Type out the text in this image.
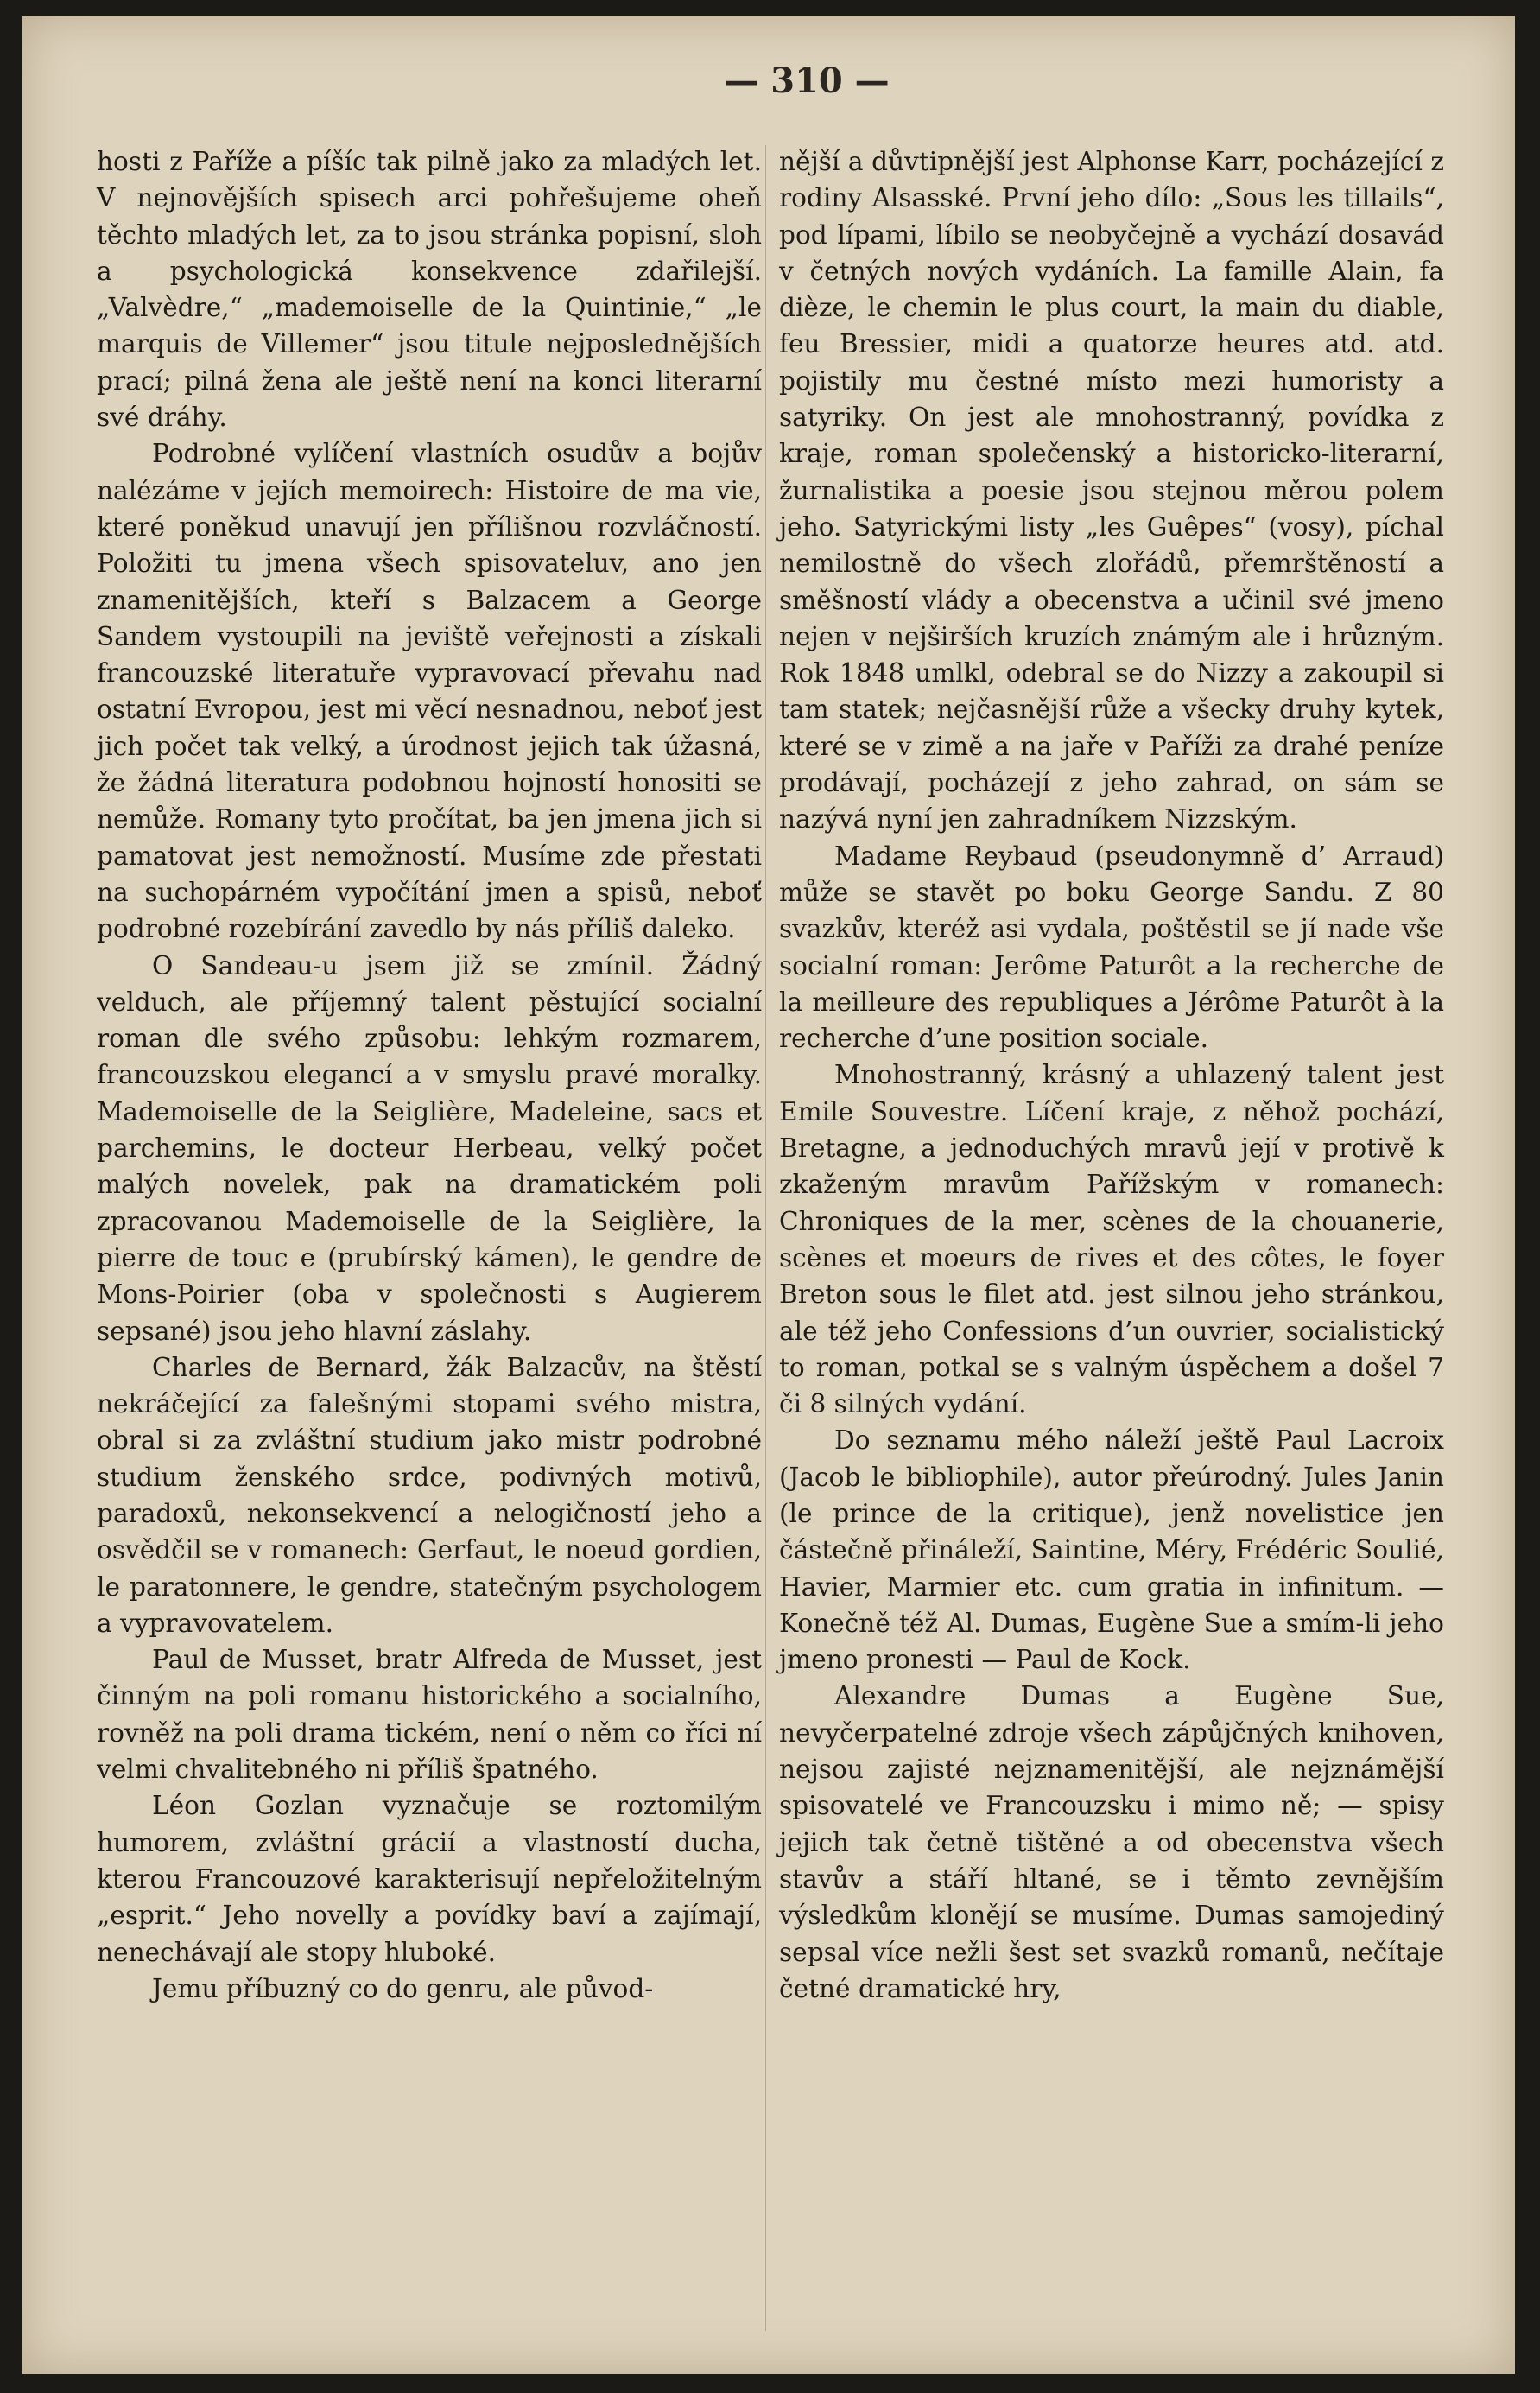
— 310 —

hosti z Paříže a píšíc tak pilně jako za mladých let. V nejnovějších spisech arci pohřešujeme oheň těchto mladých let, za to jsou stránka popisní, sloh a psychologická konsekvence zdařilejší. „Valvèdre,“ „mademoiselle de la Quintinie,“ „le marquis de Villemer“ jsou titule nejposlednějších prací; pilná žena ale ještě není na konci literarní své dráhy.

Podrobné vylíčení vlastních osudův a bojův nalézáme v jejích memoirech: Histoire de ma vie, které poněkud unavují jen přílišnou rozvláčností. Položiti tu jmena všech spisovateluv, ano jen znamenitějších, kteří s Balzacem a George Sandem vystoupili na jeviště veřejnosti a získali francouzské literatuře vypravovací převahu nad ostatní Evropou, jest mi věcí nesnadnou, neboť jest jich počet tak velký, a úrodnost jejich tak úžasná, že žádná literatura podobnou hojností honositi se nemůže. Romany tyto pročítat, ba jen jmena jich si pamatovat jest nemožností. Musíme zde přestati na suchopárném vypočítání jmen a spisů, neboť podrobné rozebírání zavedlo by nás příliš daleko.

O Sandeau-u jsem již se zmínil. Žádný velduch, ale příjemný talent pěstující socialní roman dle svého způsobu: lehkým rozmarem, francouzskou elegancí a v smyslu pravé moralky. Mademoiselle de la Seiglière, Madeleine, sacs et parchemins, le docteur Herbeau, velký počet malých novelek, pak na dramatickém poli zpracovanou Mademoiselle de la Seiglière, la pierre de touc e (prubírský kámen), le gendre de Mons-Poirier (oba v společnosti s Augierem sepsané) jsou jeho hlavní záslahy.

Charles de Bernard, žák Balzacův, na štěstí nekráčející za falešnými stopami svého mistra, obral si za zvláštní studium jako mistr podrobné studium ženského srdce, podivných motivů, paradoxů, nekonsekvencí a nelogičností jeho a osvědčil se v romanech: Gerfaut, le noeud gordien, le paratonnere, le gendre, statečným psychologem a vypravovatelem.

Paul de Musset, bratr Alfreda de Musset, jest činným na poli romanu historického a socialního, rovněž na poli drama tickém, není o něm co říci ní velmi chvalitebného ni příliš špatného.

Léon Gozlan vyznačuje se roztomilým humorem, zvláštní grácií a vlastností ducha, kterou Francouzové karakterisují nepřeložitelným „esprit.“ Jeho novelly a povídky baví a zajímají, nenechávají ale stopy hluboké.

Jemu příbuzný co do genru, ale původ-

nější a důvtipnější jest Alphonse Karr, pocházející z rodiny Alsasské. První jeho dílo: „Sous les tillails“, pod lípami, líbilo se neobyčejně a vychází dosavád v četných nových vydáních. La famille Alain, fa dièze, le chemin le plus court, la main du diable, feu Bressier, midi a quatorze heures atd. atd. pojistily mu čestné místo mezi humoristy a satyriky. On jest ale mnohostranný, povídka z kraje, roman společenský a historicko-literarní, žurnalistika a poesie jsou stejnou měrou polem jeho. Satyrickými listy „les Guêpes“ (vosy), píchal nemilostně do všech zlořádů, přemrštěností a směšností vlády a obecenstva a učinil své jmeno nejen v nejširších kruzích známým ale i hrůzným. Rok 1848 umlkl, odebral se do Nizzy a zakoupil si tam statek; nejčasnější růže a všecky druhy kytek, které se v zimě a na jaře v Paříži za drahé peníze prodávají, pocházejí z jeho zahrad, on sám se nazývá nyní jen zahradníkem Nizzským.

Madame Reybaud (pseudonymně d’ Arraud) může se stavět po boku George Sandu. Z 80 svazkův, kteréž asi vydala, poštěstil se jí nade vše socialní roman: Jerôme Paturôt a la recherche de la meilleure des republiques a Jérôme Paturôt à la recherche d’une position sociale.

Mnohostranný, krásný a uhlazený talent jest Emile Souvestre. Líčení kraje, z něhož pochází, Bretagne, a jednoduchých mravů její v protivě k zkaženým mravům Pařížským v romanech: Chroniques de la mer, scènes de la chouanerie, scènes et moeurs de rives et des côtes, le foyer Breton sous le filet atd. jest silnou jeho stránkou, ale též jeho Confessions d’un ouvrier, socialistický to roman, potkal se s valným úspěchem a došel 7 či 8 silných vydání.

Do seznamu mého náleží ještě Paul Lacroix (Jacob le bibliophile), autor přeúrodný. Jules Janin (le prince de la critique), jenž novelistice jen částečně přináleží, Saintine, Méry, Frédéric Soulié, Havier, Marmier etc. cum gratia in infinitum. — Konečně též Al. Dumas, Eugène Sue a smím-li jeho jmeno pronesti — Paul de Kock.

Alexandre Dumas a Eugène Sue, nevyčerpatelné zdroje všech zápůjčných knihoven, nejsou zajisté nejznamenitější, ale nejznámější spisovatelé ve Francouzsku i mimo ně; — spisy jejich tak četně tištěné a od obecenstva všech stavův a stáří hltané, se i těmto zevnějším výsledkům klonějí se musíme. Dumas samojediný sepsal více nežli šest set svazků romanů, nečítaje četné dramatické hry,
